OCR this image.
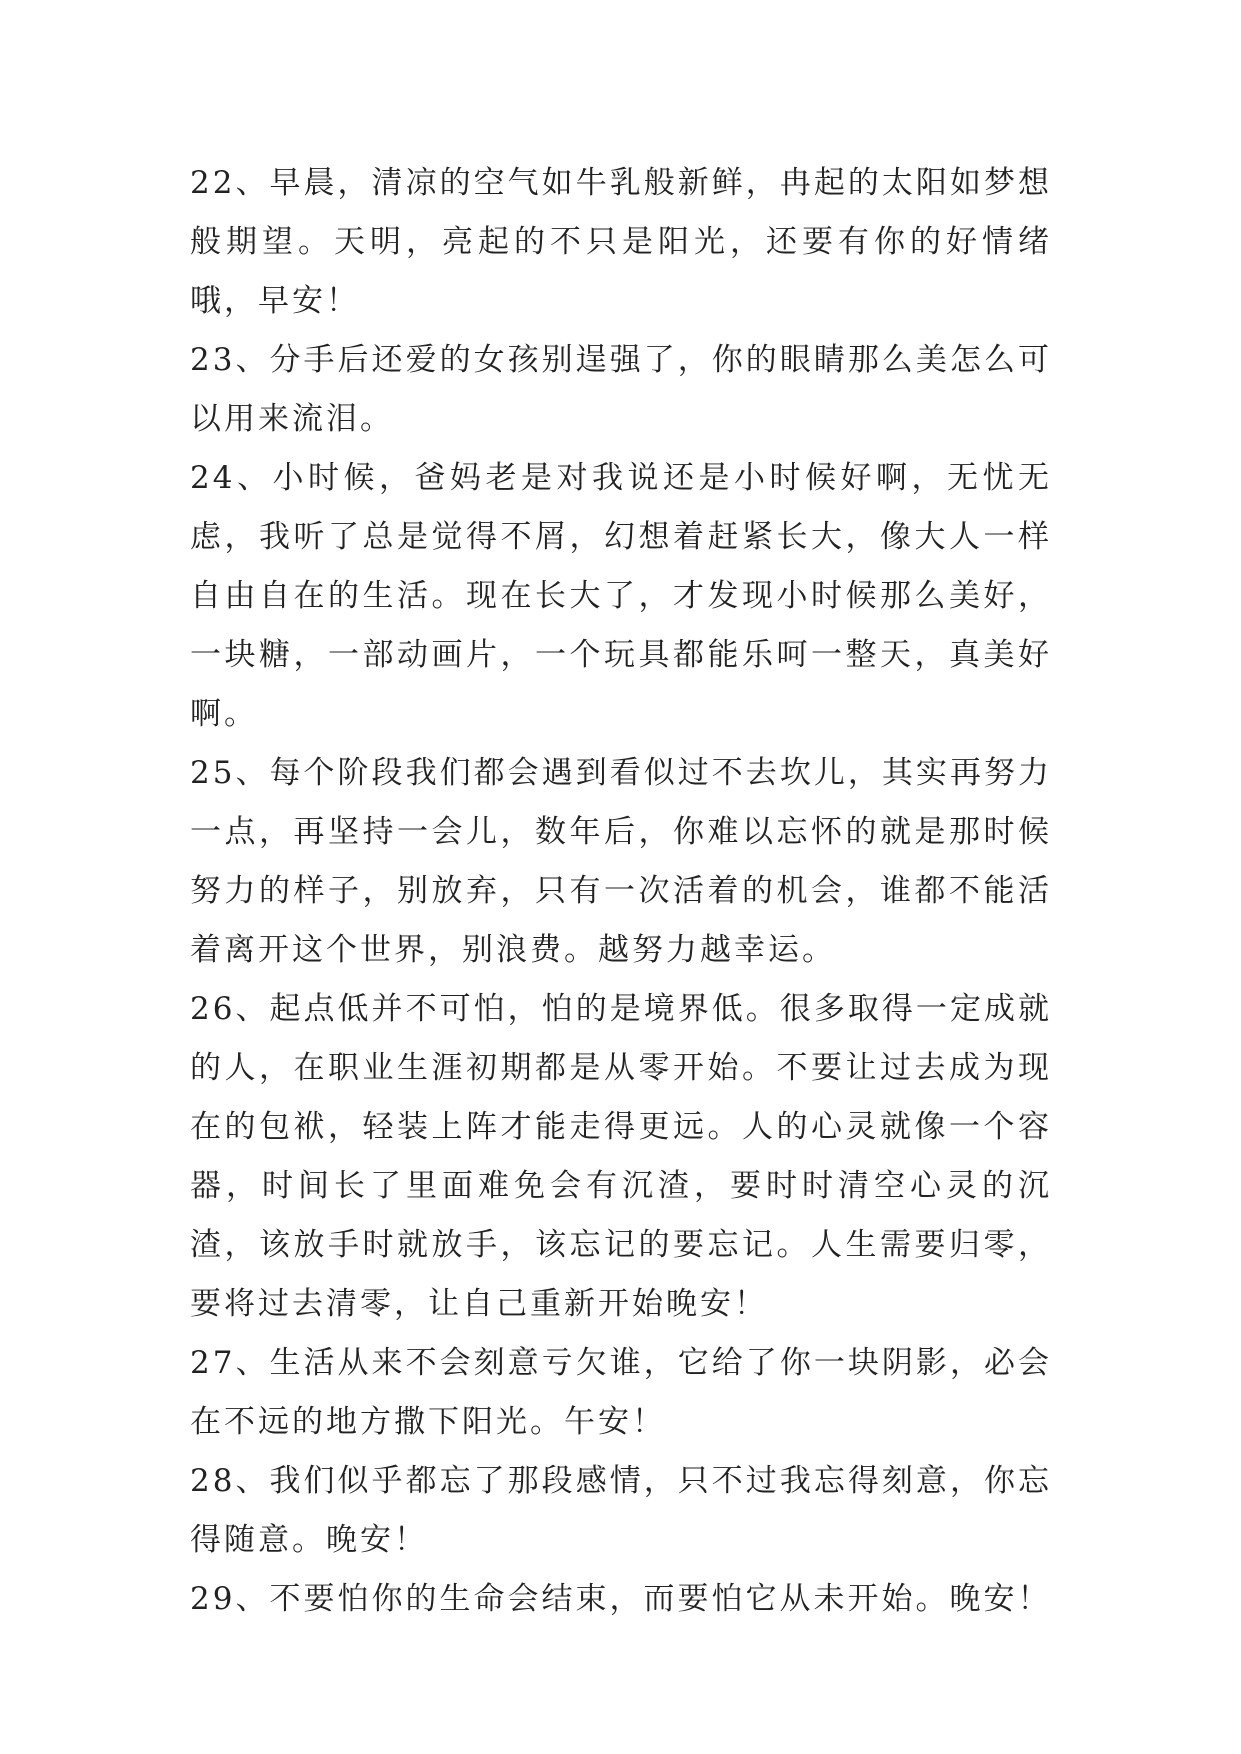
22、早晨，清凉的空气如牛乳般新鲜，冉起的太阳如梦想般期望。天明，亮起的不只是阳光，还要有你的好情绪哦，早安！

23、分手后还爱的女孩别逞强了，你的眼睛那么美怎么可以用来流泪。

24、小时候，爸妈老是对我说还是小时候好啊，无忧无虑，我听了总是觉得不屑，幻想着赶紧长大，像大人一样自由自在的生活。现在长大了，才发现小时候那么美好，一块糖，一部动画片，一个玩具都能乐呵一整天，真美好啊。

25、每个阶段我们都会遇到看似过不去坎儿，其实再努力一点，再坚持一会儿，数年后，你难以忘怀的就是那时候努力的样子，别放弃，只有一次活着的机会，谁都不能活着离开这个世界，别浪费。越努力越幸运。

26、起点低并不可怕，怕的是境界低。很多取得一定成就的人，在职业生涯初期都是从零开始。不要让过去成为现在的包袱，轻装上阵才能走得更远。人的心灵就像一个容器，时间长了里面难免会有沉渣，要时时清空心灵的沉渣，该放手时就放手，该忘记的要忘记。人生需要归零，要将过去清零，让自己重新开始晚安！

27、生活从来不会刻意亏欠谁，它给了你一块阴影，必会在不远的地方撒下阳光。午安！

28、我们似乎都忘了那段感情，只不过我忘得刻意，你忘得随意。晚安！

29、不要怕你的生命会结束，而要怕它从未开始。晚安！
